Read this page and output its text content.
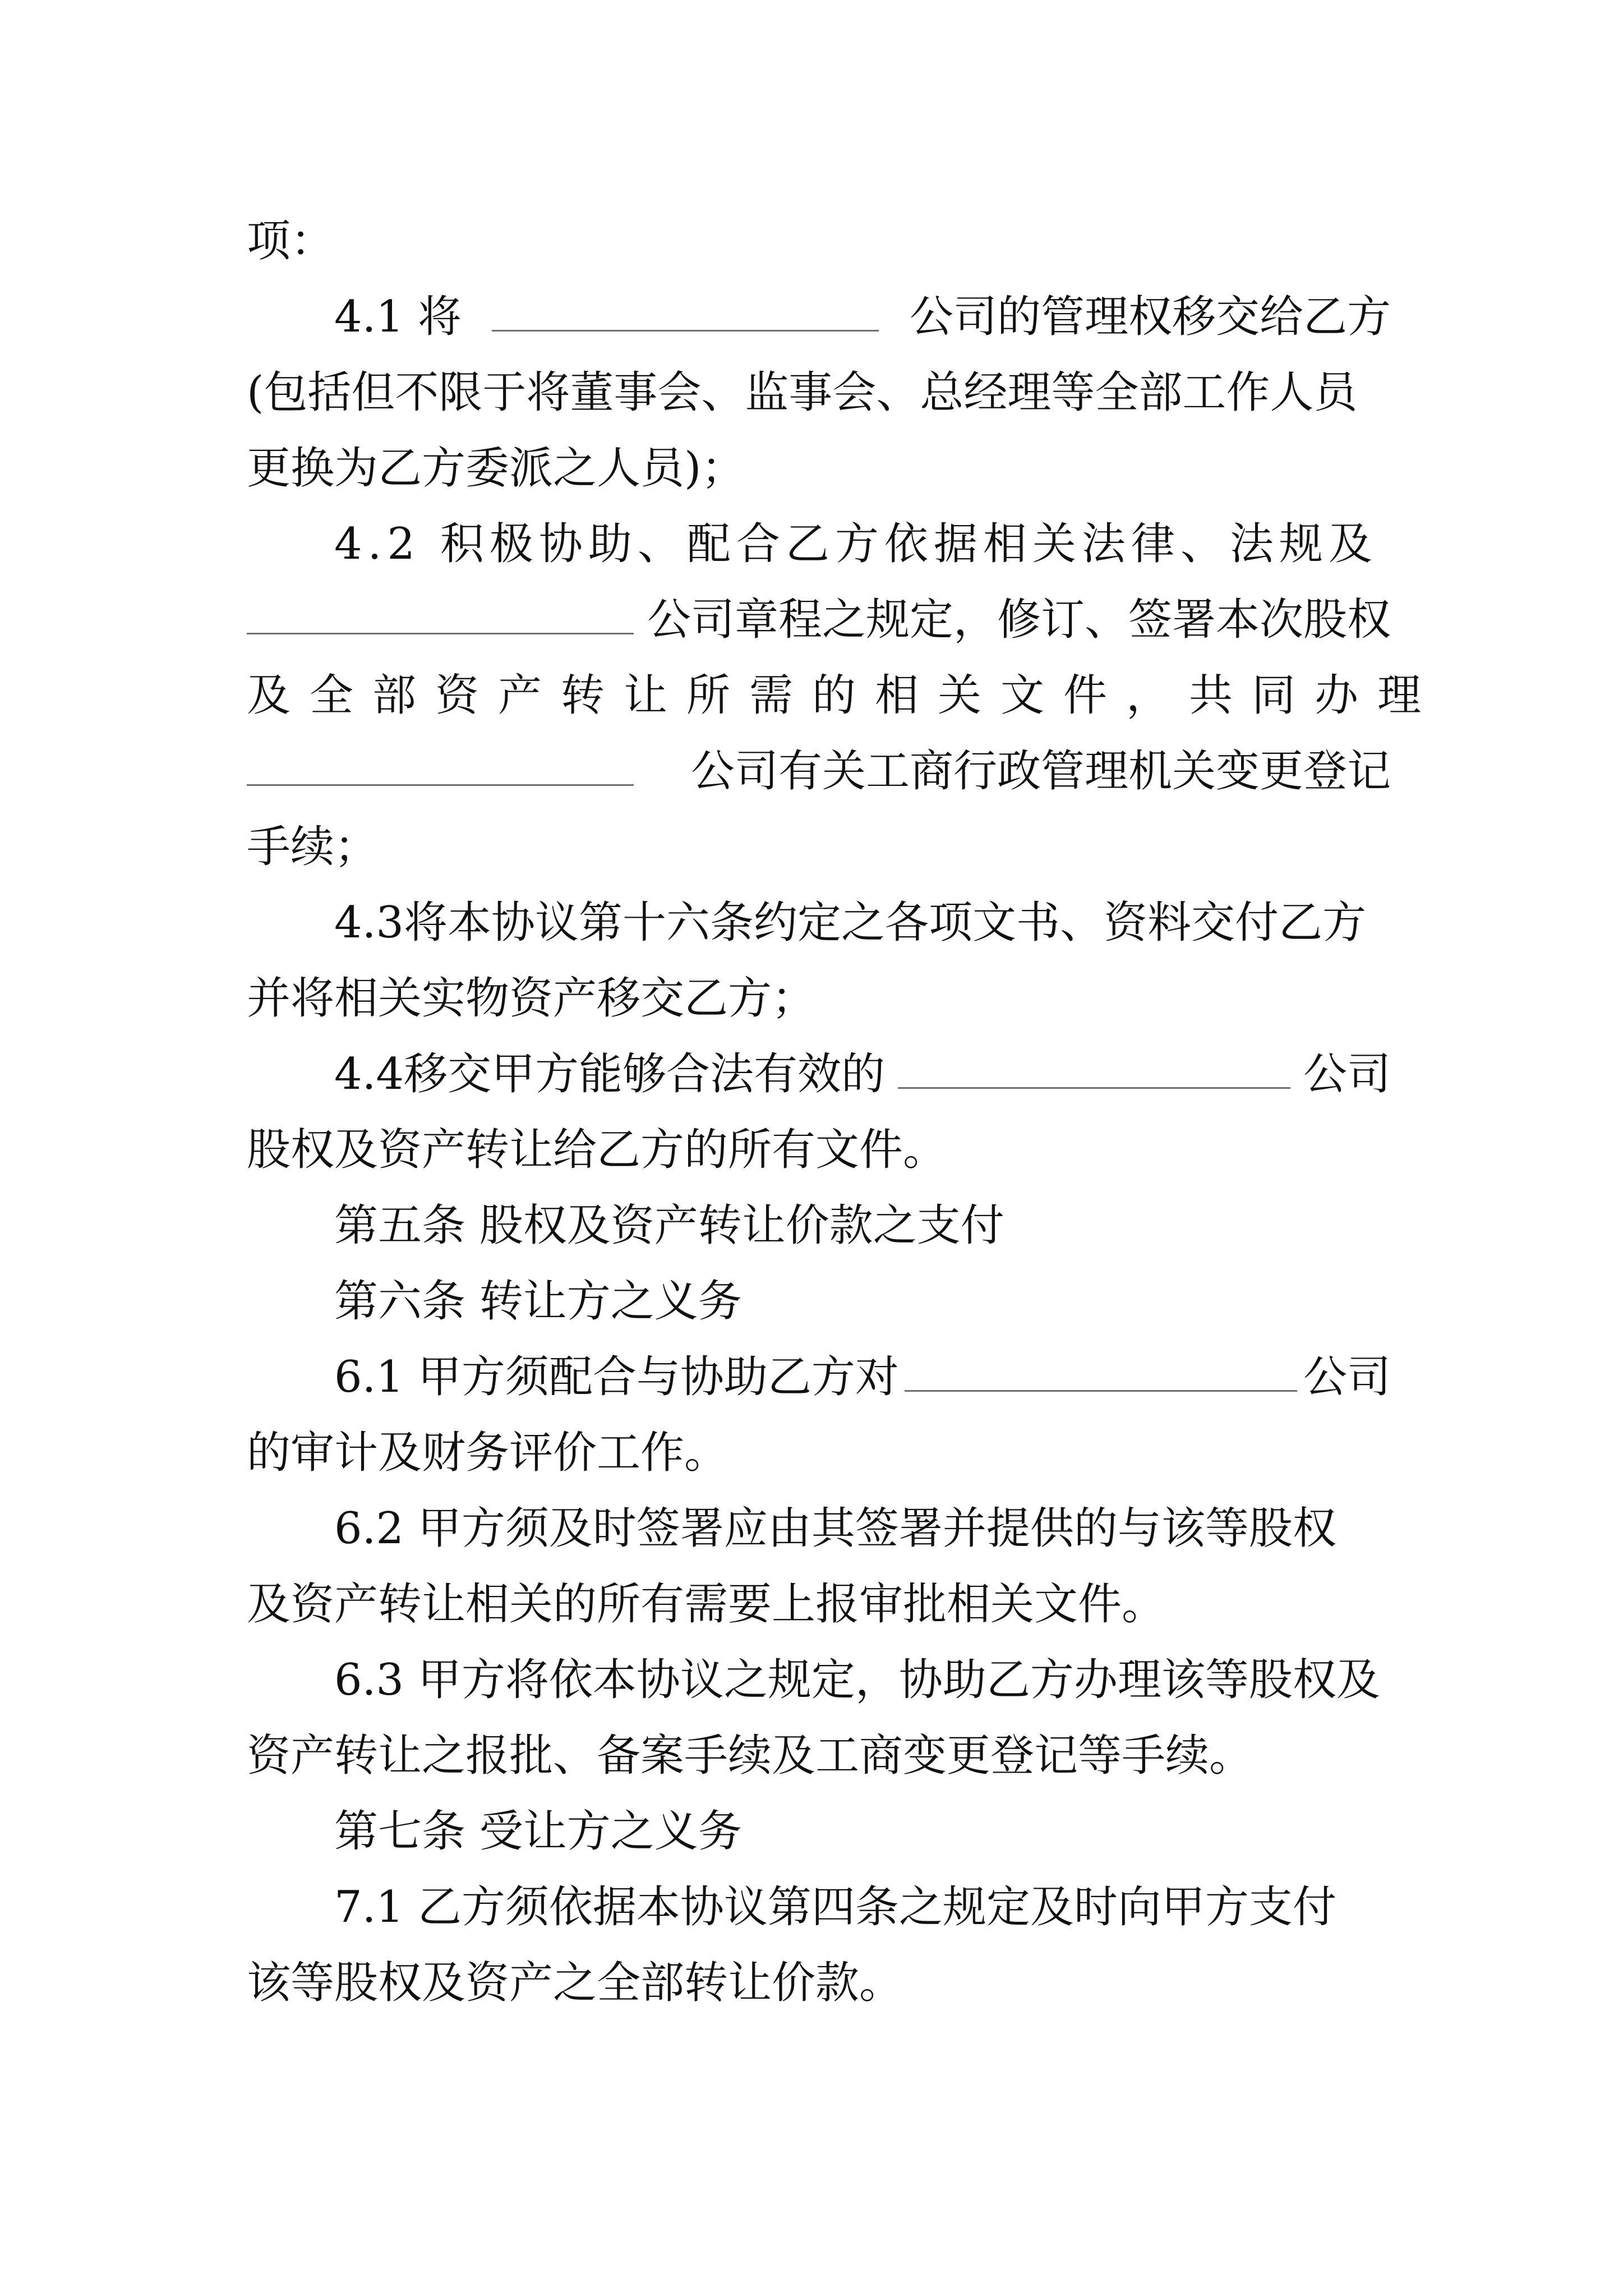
项：
4.1 将	公司的管理权移交给乙方
(包括但不限于将董事会、监事会、总经理等全部工作人员
更换为乙方委派之人员)；
4.2 积极协助、配合乙方依据相关法律、法规及
公司章程之规定，修订、签署本次股权
及全部资产转让所需的相关文件，共同办理
公司有关工商行政管理机关变更登记
手续；
4.3将本协议第十六条约定之各项文书、资料交付乙方
并将相关实物资产移交乙方；
4.4移交甲方能够合法有效的	公司
股权及资产转让给乙方的所有文件。
第五条 股权及资产转让价款之支付
第六条 转让方之义务
6.1 甲方须配合与协助乙方对	公司
的审计及财务评价工作。
6.2 甲方须及时签署应由其签署并提供的与该等股权
及资产转让相关的所有需要上报审批相关文件。
6.3 甲方将依本协议之规定，协助乙方办理该等股权及
资产转让之报批、备案手续及工商变更登记等手续。
第七条 受让方之义务
7.1 乙方须依据本协议第四条之规定及时向甲方支付
该等股权及资产之全部转让价款。
